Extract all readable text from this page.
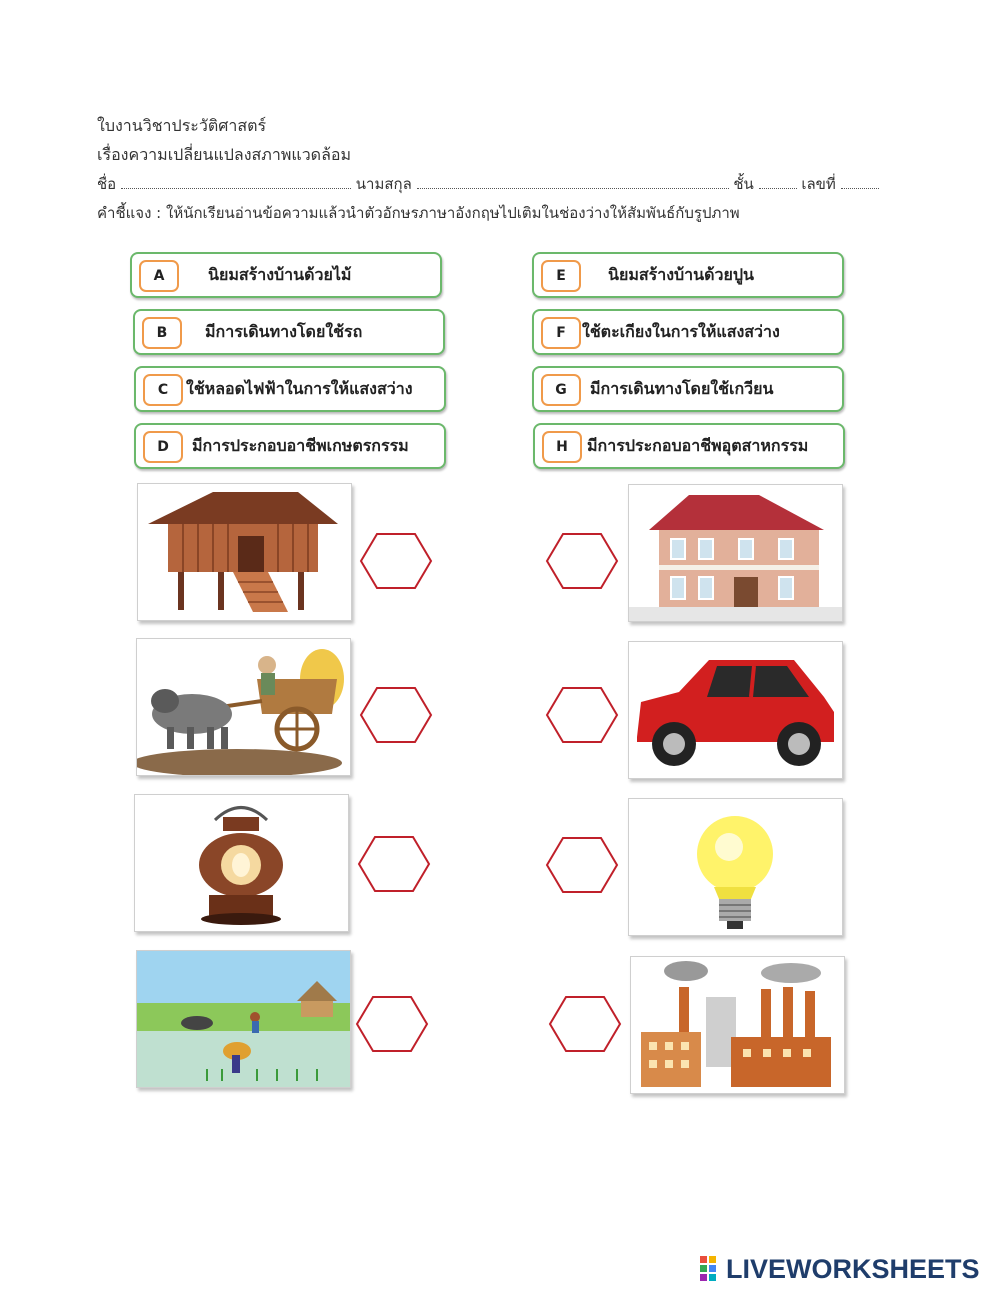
ใบงานวิชาประวัติศาสตร์
เรื่องความเปลี่ยนแปลงสภาพแวดล้อม
ชื่อ	นามสกุล	ชั้น	เลขที่
คำชี้แจง : ให้นักเรียนอ่านข้อความแล้วนำตัวอักษรภาษาอังกฤษไปเติมในช่องว่างให้สัมพันธ์กับรูปภาพ
A	นิยมสร้างบ้านด้วยไม้
B	มีการเดินทางโดยใช้รถ
C	ใช้หลอดไฟฟ้าในการให้แสงสว่าง
D	มีการประกอบอาชีพเกษตรกรรม
E	นิยมสร้างบ้านด้วยปูน
F	ใช้ตะเกียงในการให้แสงสว่าง
G	มีการเดินทางโดยใช้เกวียน
H	มีการประกอบอาชีพอุตสาหกรรม
LIVEWORKSHEETS
